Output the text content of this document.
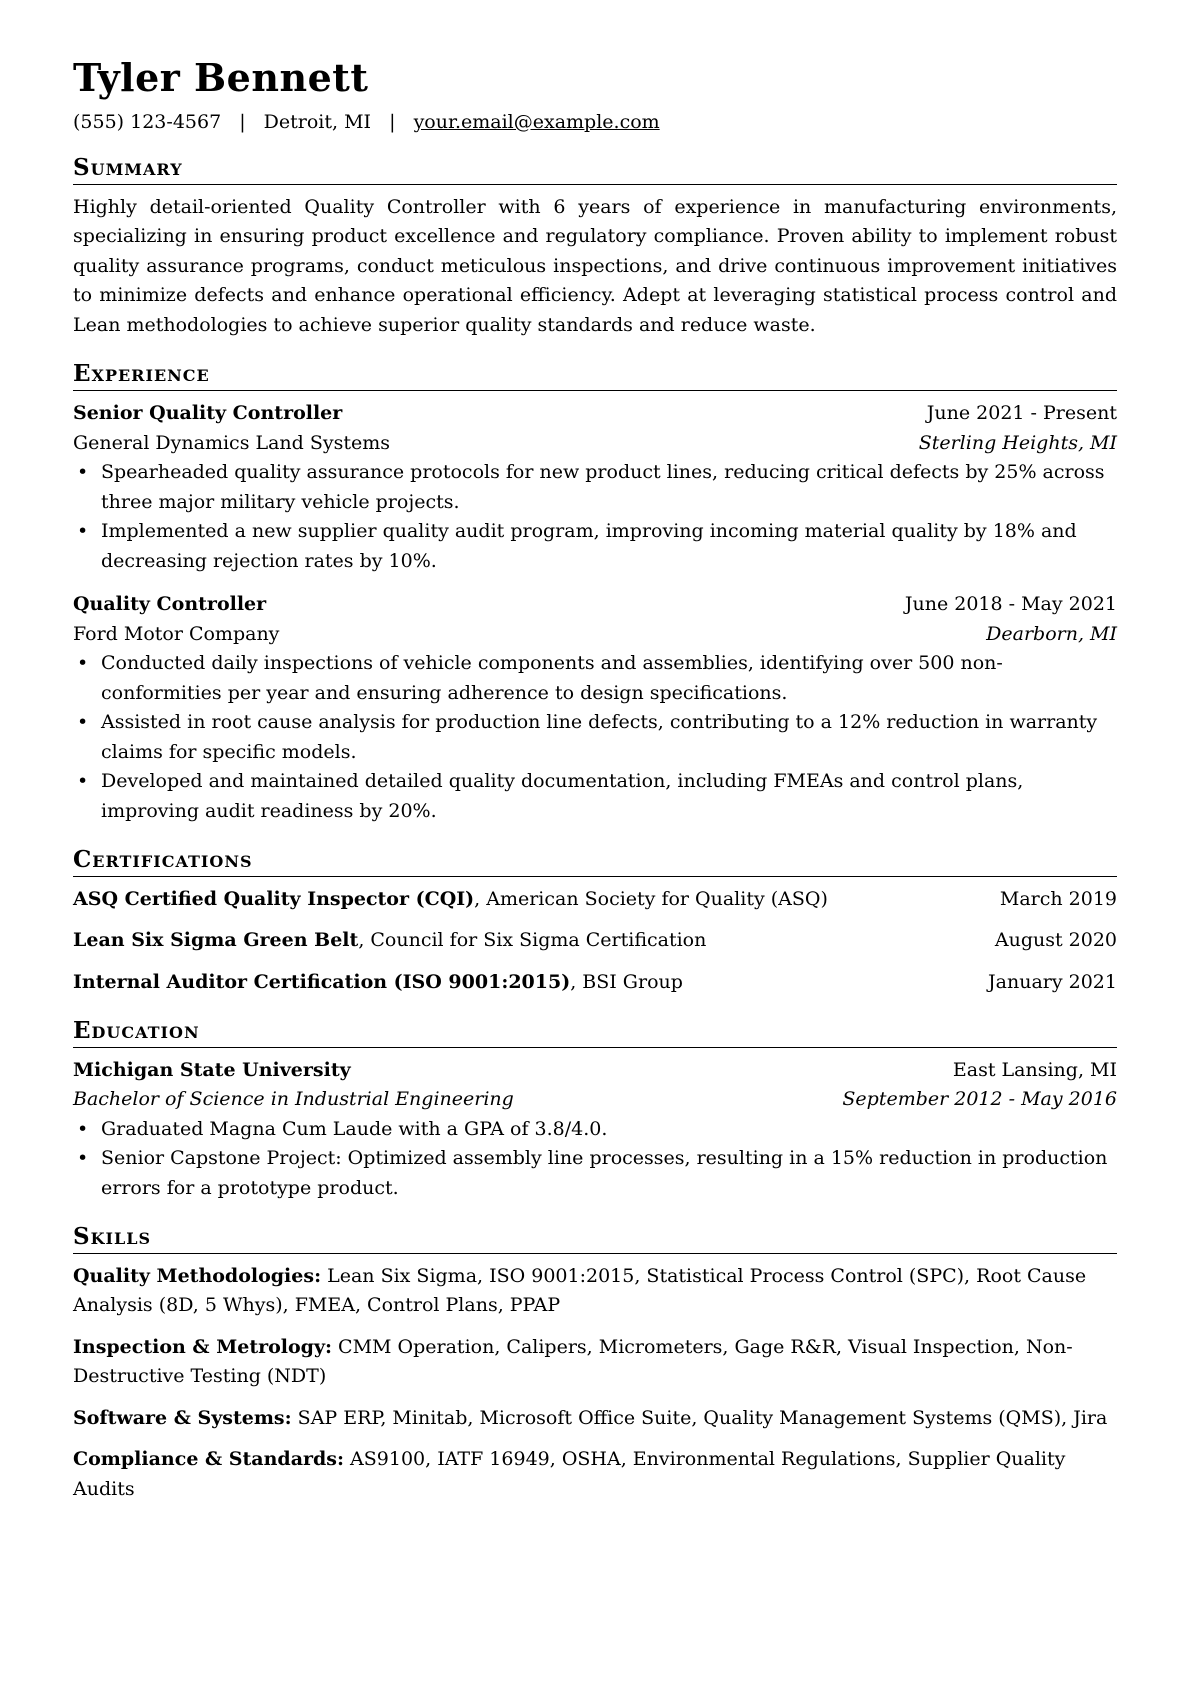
Tyler Bennett
(555) 123-4567 | Detroit, MI | your.email@example.com
Summary
Highly detail-oriented Quality Controller with 6 years of experience in manufacturing environments, specializing in ensuring product excellence and regulatory compliance. Proven ability to implement robust quality assurance programs, conduct meticulous inspections, and drive continuous improvement initiatives to minimize defects and enhance operational efficiency. Adept at leveraging statistical process control and Lean methodologies to achieve superior quality standards and reduce waste.
Experience
Senior Quality Controller	June 2021 - Present
General Dynamics Land Systems	Sterling Heights, MI
• Spearheaded quality assurance protocols for new product lines, reducing critical defects by 25% across three major military vehicle projects.
• Implemented a new supplier quality audit program, improving incoming material quality by 18% and decreasing rejection rates by 10%.
Quality Controller	June 2018 - May 2021
Ford Motor Company	Dearborn, MI
• Conducted daily inspections of vehicle components and assemblies, identifying over 500 non-conformities per year and ensuring adherence to design specifications.
• Assisted in root cause analysis for production line defects, contributing to a 12% reduction in warranty claims for specific models.
• Developed and maintained detailed quality documentation, including FMEAs and control plans, improving audit readiness by 20%.
Certifications
ASQ Certified Quality Inspector (CQI), American Society for Quality (ASQ)	March 2019
Lean Six Sigma Green Belt, Council for Six Sigma Certification	August 2020
Internal Auditor Certification (ISO 9001:2015), BSI Group	January 2021
Education
Michigan State University	East Lansing, MI
Bachelor of Science in Industrial Engineering	September 2012 - May 2016
• Graduated Magna Cum Laude with a GPA of 3.8/4.0.
• Senior Capstone Project: Optimized assembly line processes, resulting in a 15% reduction in production errors for a prototype product.
Skills
Quality Methodologies: Lean Six Sigma, ISO 9001:2015, Statistical Process Control (SPC), Root Cause Analysis (8D, 5 Whys), FMEA, Control Plans, PPAP
Inspection & Metrology: CMM Operation, Calipers, Micrometers, Gage R&R, Visual Inspection, Non-Destructive Testing (NDT)
Software & Systems: SAP ERP, Minitab, Microsoft Office Suite, Quality Management Systems (QMS), Jira
Compliance & Standards: AS9100, IATF 16949, OSHA, Environmental Regulations, Supplier Quality Audits
